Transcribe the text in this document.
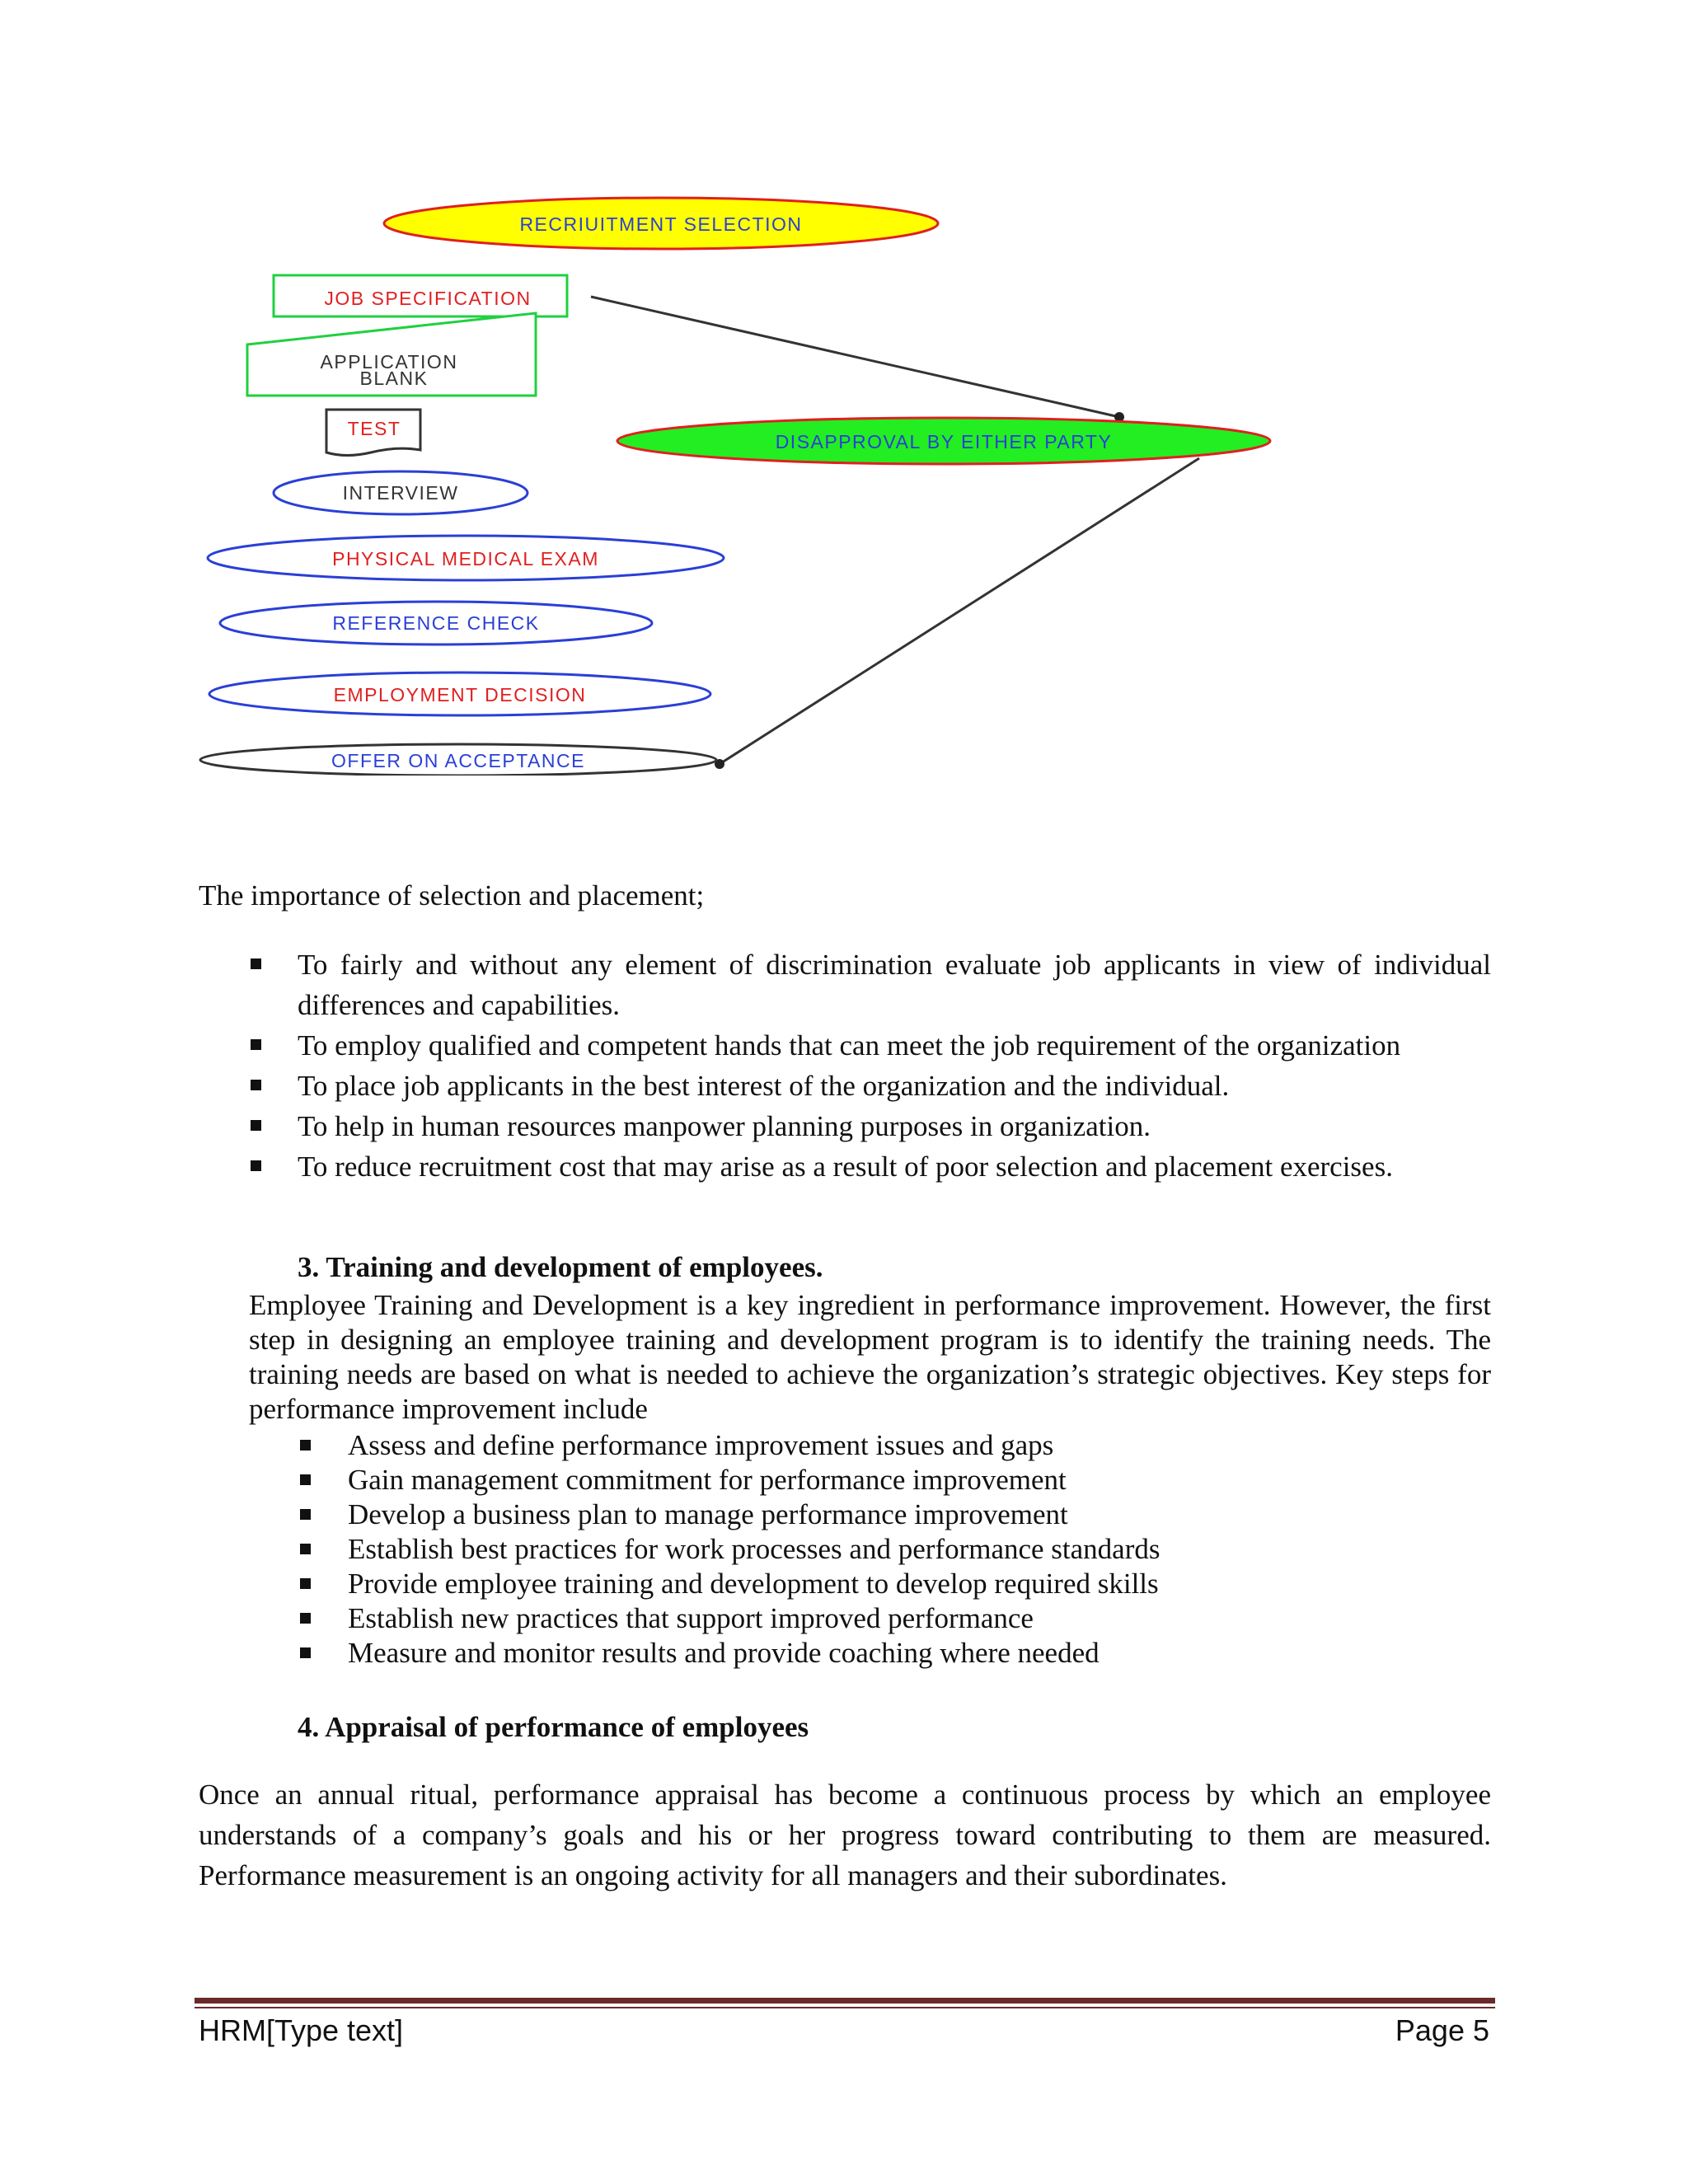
RECRIUITMENT SELECTION
JOB SPECIFICATION
APPLICATION
BLANK
TEST
INTERVIEW
PHYSICAL MEDICAL EXAM
REFERENCE CHECK
EMPLOYMENT DECISION
OFFER ON ACCEPTANCE
DISAPPROVAL BY EITHER PARTY

The importance of selection and placement;

To fairly and without any element of discrimination evaluate job applicants in view of individual differences and capabilities.
To employ qualified and competent hands that can meet the job requirement of the organization
To place job applicants in the best interest of the organization and the individual.
To help in human resources manpower planning purposes in organization.
To reduce recruitment cost that may arise as a result of poor selection and placement exercises.
3. Training and development of employees.

Employee Training and Development is a key ingredient in performance improvement. However, the first step in designing an employee training and development program is to identify the training needs. The training needs are based on what is needed to achieve the organization’s strategic objectives. Key steps for performance improvement include

Assess and define performance improvement issues and gaps
Gain management commitment for performance improvement
Develop a business plan to manage performance improvement
Establish best practices for work processes and performance standards
Provide employee training and development to develop required skills
Establish new practices that support improved performance
Measure and monitor results and provide coaching where needed
4. Appraisal of performance of employees

Once an annual ritual, performance appraisal has become a continuous process by which an employee understands of a company’s goals and his or her progress toward contributing to them are measured. Performance measurement is an ongoing activity for all managers and their subordinates.

HRM[Type text]	Page 5
